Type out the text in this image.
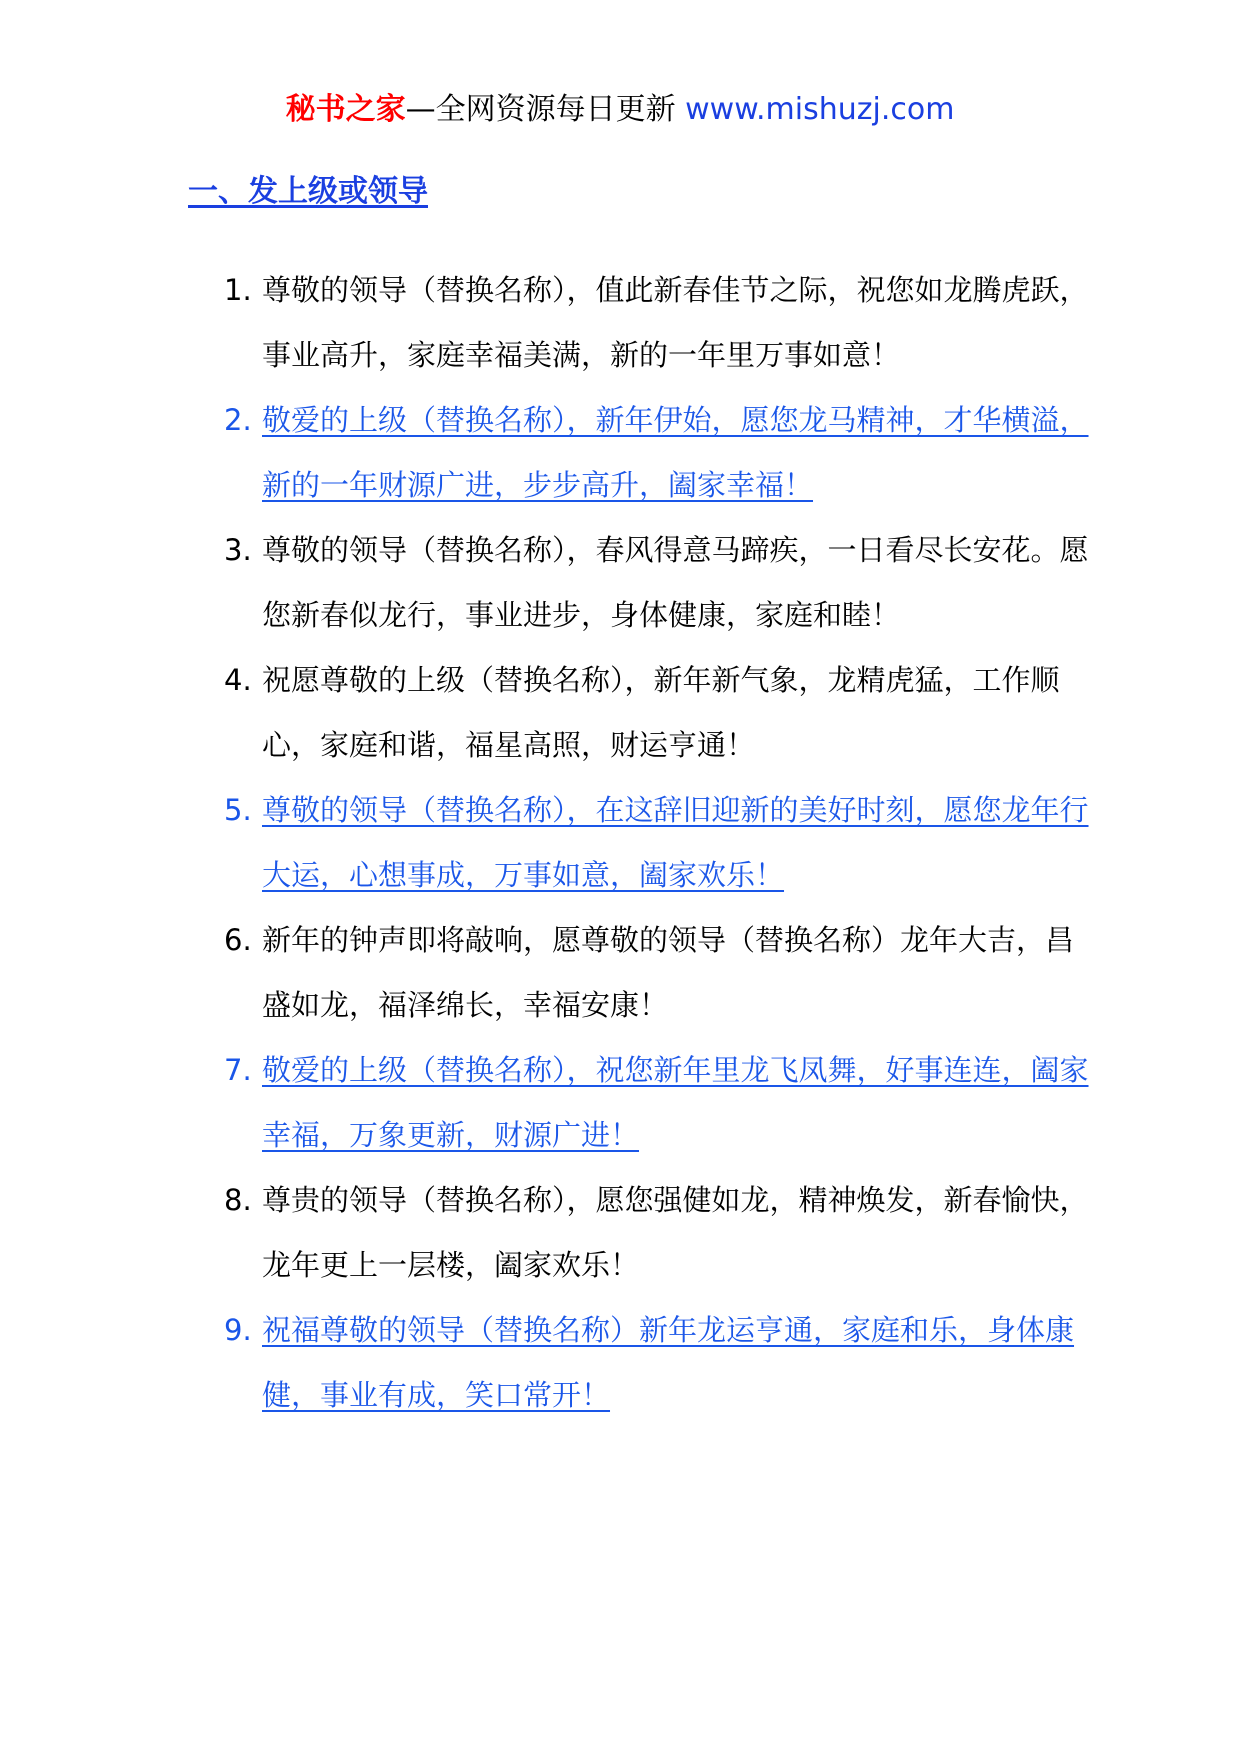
秘书之家—全网资源每日更新 www.mishuzj.com
一、发上级或领导
1. 尊敬的领导（替换名称），值此新春佳节之际，祝您如龙腾虎跃，事业高升，家庭幸福美满，新的一年里万事如意！
2. 敬爱的上级（替换名称），新年伊始，愿您龙马精神，才华横溢，新的一年财源广进，步步高升，阖家幸福！
3. 尊敬的领导（替换名称），春风得意马蹄疾，一日看尽长安花。愿您新春似龙行，事业进步，身体健康，家庭和睦！
4. 祝愿尊敬的上级（替换名称），新年新气象，龙精虎猛，工作顺心，家庭和谐，福星高照，财运亨通！
5. 尊敬的领导（替换名称），在这辞旧迎新的美好时刻，愿您龙年行大运，心想事成，万事如意，阖家欢乐！
6. 新年的钟声即将敲响，愿尊敬的领导（替换名称）龙年大吉，昌盛如龙，福泽绵长，幸福安康！
7. 敬爱的上级（替换名称），祝您新年里龙飞凤舞，好事连连，阖家幸福，万象更新，财源广进！
8. 尊贵的领导（替换名称），愿您强健如龙，精神焕发，新春愉快，龙年更上一层楼，阖家欢乐！
9. 祝福尊敬的领导（替换名称）新年龙运亨通，家庭和乐，身体康健，事业有成，笑口常开！
